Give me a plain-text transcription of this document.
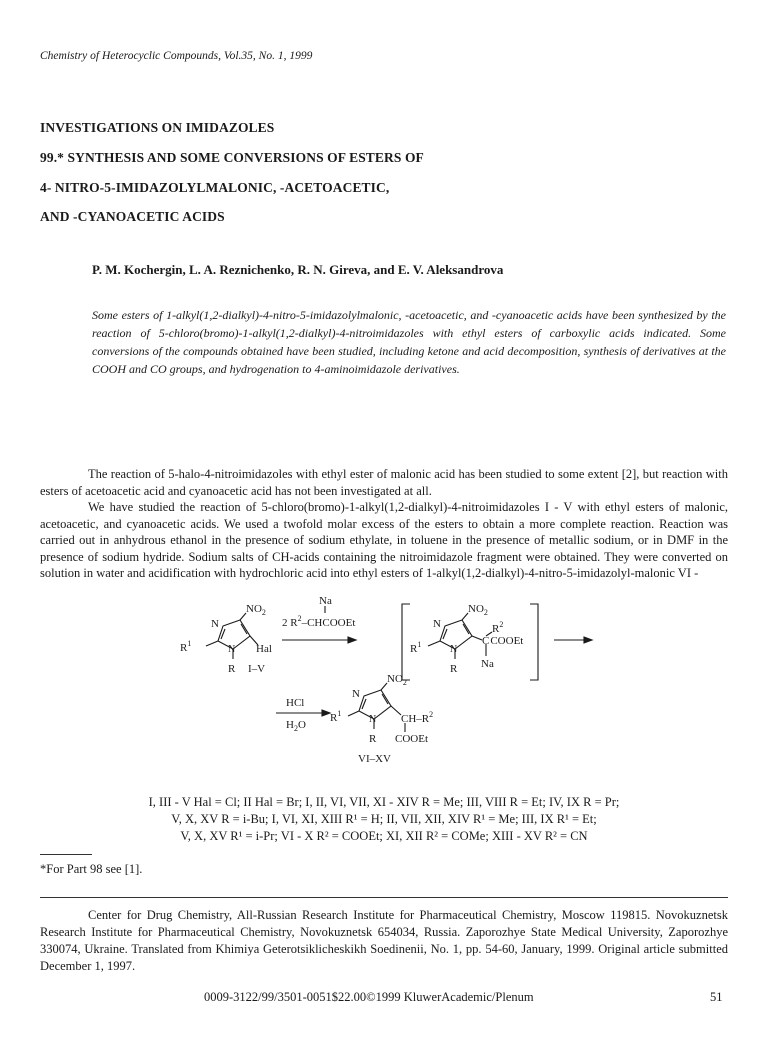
Chemistry of Heterocyclic Compounds, Vol.35, No. 1, 1999
INVESTIGATIONS ON IMIDAZOLES
99.* SYNTHESIS AND SOME CONVERSIONS OF ESTERS OF
4- NITRO-5-IMIDAZOLYLMALONIC, -ACETOACETIC,
AND -CYANOACETIC ACIDS
P. M. Kochergin, L. A. Reznichenko, R. N. Gireva, and E. V. Aleksandrova
Some esters of 1-alkyl(1,2-dialkyl)-4-nitro-5-imidazolylmalonic, -acetoacetic, and -cyanoacetic acids have been synthesized by the reaction of 5-chloro(bromo)-1-alkyl(1,2-dialkyl)-4-nitroimidazoles with ethyl esters of carboxylic acids indicated. Some conversions of the compounds obtained have been studied, including ketone and acid decomposition, synthesis of derivatives at the COOH and CO groups, and hydrogenation to 4-aminoimidazole derivatives.

The reaction of 5-halo-4-nitroimidazoles with ethyl ester of malonic acid has been studied to some extent [2], but reaction with esters of acetoacetic acid and cyanoacetic acid has not been investigated at all.

We have studied the reaction of 5-chloro(bromo)-1-alkyl(1,2-dialkyl)-4-nitroimidazoles I - V with ethyl esters of malonic, acetoacetic, and cyanoacetic acids. We used a twofold molar excess of the esters to obtain a more complete reaction. Reaction was carried out in anhydrous ethanol in the presence of sodium ethylate, in toluene in the presence of metallic sodium, or in DMF in the presence of sodium hydride. Sodium salts of CH-acids containing the nitroimidazole fragment were obtained. They were converted on solution in water and acidification with hydrochloric acid into ethyl esters of 1-alkyl(1,2-dialkyl)-4-nitro-5-imidazolyl-malonic VI -

$NO_2$
N
$R^1$
N Hal
R I–V
Na
2 $R^2$–CHCOOEt
$NO_2$
N
$R^1$	N
$R^2$
CCOOEt
R Na
HCl
$H_2O$
$NO_2$
N
$R^1$
N $CH-R^2$
R COOEt
VI–XV
I, III - V Hal = Cl; II Hal = Br; I, II, VI, VII, XI - XIV R = Me; III, VIII R = Et; IV, IX R = Pr;
V, X, XV R = i-Bu; I, VI, XI, XIII R¹ = H; II, VII, XII, XIV R¹ = Me; III, IX R¹ = Et;
V, X, XV R¹ = i-Pr; VI - X R² = COOEt; XI, XII R² = COMe; XIII - XV R² = CN
*For Part 98 see [1].

Center for Drug Chemistry, All-Russian Research Institute for Pharmaceutical Chemistry, Moscow 119815. Novokuznetsk Research Institute for Pharmaceutical Chemistry, Novokuznetsk 654034, Russia. Zaporozhye State Medical University, Zaporozhye 330074, Ukraine. Translated from Khimiya Geterotsiklicheskikh Soedinenii, No. 1, pp. 54-60, January, 1999. Original article submitted December 1, 1997.

0009-3122/99/3501-0051$22.00©1999 KluwerAcademic/Plenum	51
